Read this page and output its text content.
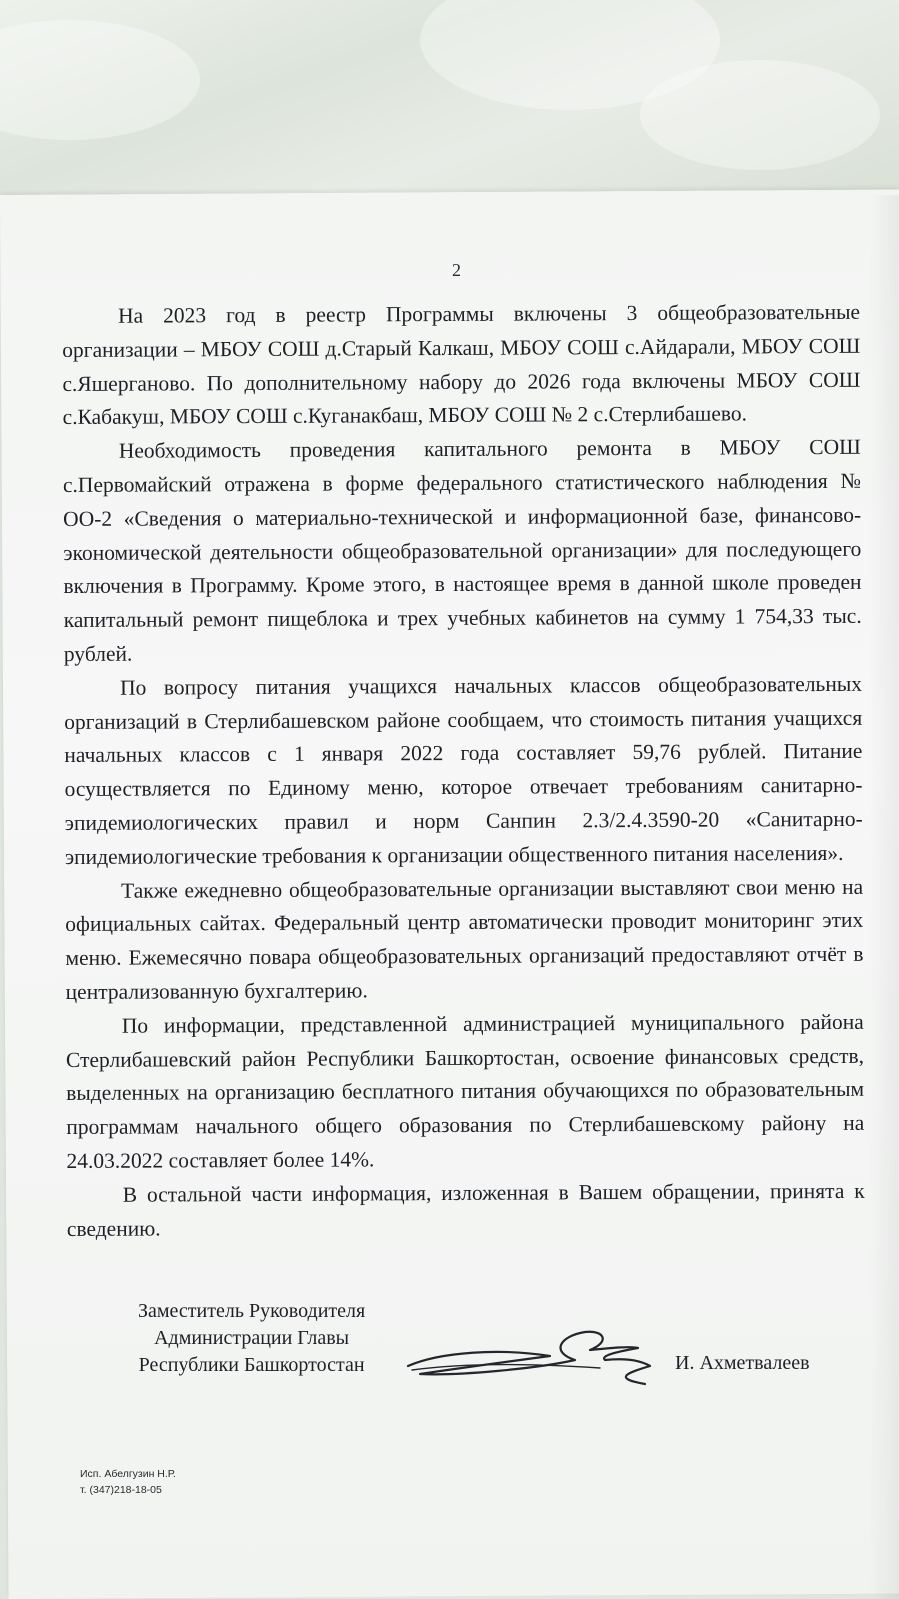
2

На 2023 год в реестр Программы включены 3 общеобразовательные организации – МБОУ СОШ д.Старый Калкаш, МБОУ СОШ с.Айдарали, МБОУ СОШ с.Яшерганово. По дополнительному набору до 2026 года включены МБОУ СОШ с.Кабакуш, МБОУ СОШ с.Куганакбаш, МБОУ СОШ № 2 с.Стерлибашево.

Необходимость проведения капитального ремонта в МБОУ СОШ с.Первомайский отражена в форме федерального статистического наблюдения № ОО-2 «Сведения о материально-технической и информационной базе, финансово-экономической деятельности общеобразовательной организации» для последующего включения в Программу. Кроме этого, в настоящее время в данной школе проведен капитальный ремонт пищеблока и трех учебных кабинетов на сумму 1 754,33 тыс. рублей.

По вопросу питания учащихся начальных классов общеобразовательных организаций в Стерлибашевском районе сообщаем, что стоимость питания учащихся начальных классов с 1 января 2022 года составляет 59,76 рублей. Питание осуществляется по Единому меню, которое отвечает требованиям санитарно-эпидемиологических правил и норм Санпин 2.3/2.4.3590-20 «Санитарно-эпидемиологические требования к организации общественного питания населения».

Также ежедневно общеобразовательные организации выставляют свои меню на официальных сайтах. Федеральный центр автоматически проводит мониторинг этих меню. Ежемесячно повара общеобразовательных организаций предоставляют отчёт в централизованную бухгалтерию.

По информации, представленной администрацией муниципального района Стерлибашевский район Республики Башкортостан, освоение финансовых средств, выделенных на организацию бесплатного питания обучающихся по образовательным программам начального общего образования по Стерлибашевскому району на 24.03.2022 составляет более 14%.

В остальной части информация, изложенная в Вашем обращении, принята к сведению.

Заместитель Руководителя
Администрации Главы
Республики Башкортостан	И. Ахметвалеев
Исп. Абелгузин Н.Р.
т. (347)218-18-05
